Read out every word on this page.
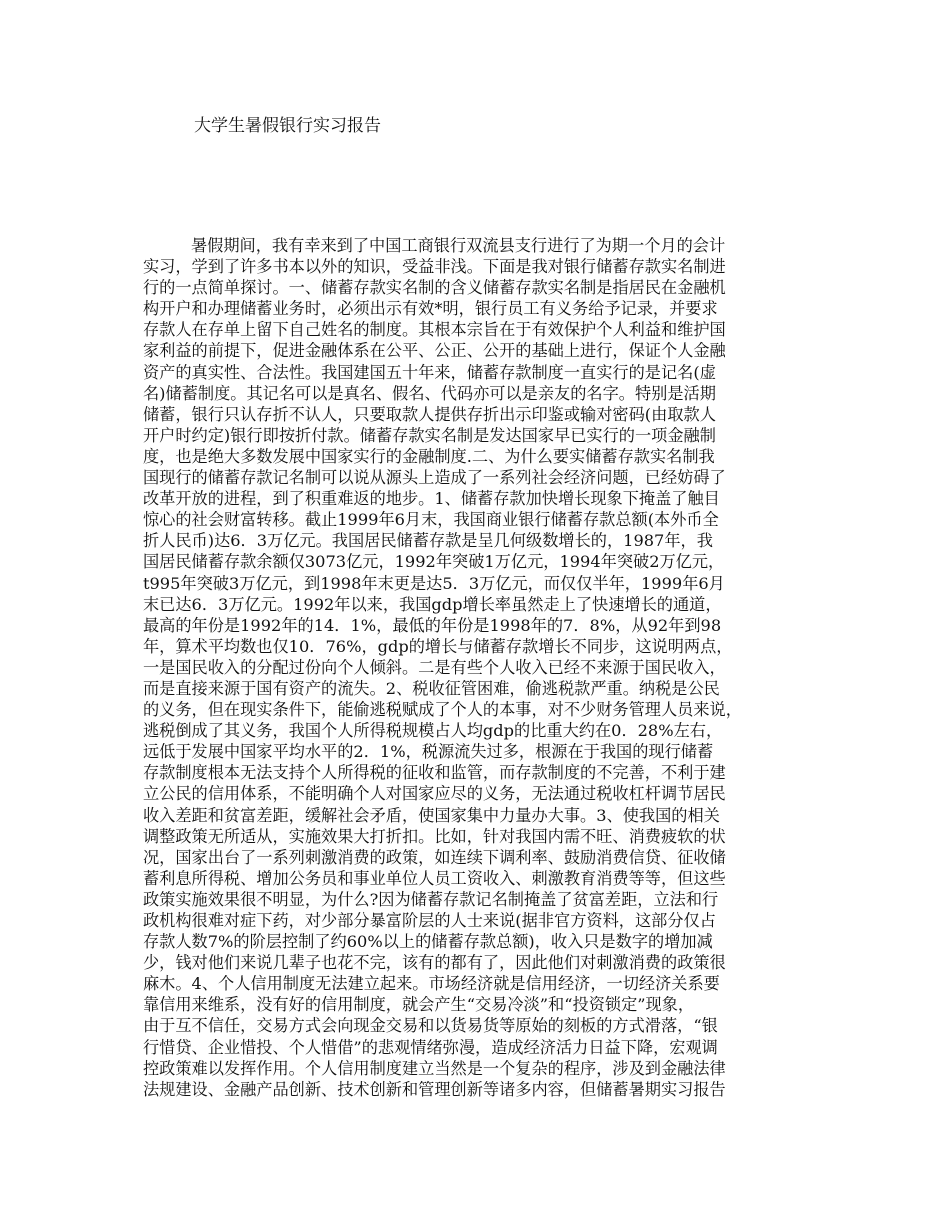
大学生暑假银行实习报告
暑假期间，我有幸来到了中国工商银行双流县支行进行了为期一个月的会计
实习，学到了许多书本以外的知识，受益非浅。下面是我对银行储蓄存款实名制进
行的一点简单探讨。一、储蓄存款实名制的含义储蓄存款实名制是指居民在金融机
构开户和办理储蓄业务时，必须出示有效*明，银行员工有义务给予记录，并要求
存款人在存单上留下自己姓名的制度。其根本宗旨在于有效保护个人利益和维护国
家利益的前提下，促进金融体系在公平、公正、公开的基础上进行，保证个人金融
资产的真实性、合法性。我国建国五十年来，储蓄存款制度一直实行的是记名(虚
名)储蓄制度。其记名可以是真名、假名、代码亦可以是亲友的名字。特别是活期
储蓄，银行只认存折不认人，只要取款人提供存折出示印鉴或输对密码(由取款人
开户时约定)银行即按折付款。储蓄存款实名制是发达国家早已实行的一项金融制
度，也是绝大多数发展中国家实行的金融制度.二、为什么要实储蓄存款实名制我
国现行的储蓄存款记名制可以说从源头上造成了一系列社会经济问题，已经妨碍了
改革开放的进程，到了积重难返的地步。1、储蓄存款加快增长现象下掩盖了触目
惊心的社会财富转移。截止1999年6月末，我国商业银行储蓄存款总额(本外币全
折人民币)达6．3万亿元。我国居民储蓄存款是呈几何级数增长的，1987年，我
国居民储蓄存款余额仅3073亿元，1992年突破1万亿元，1994年突破2万亿元，
t995年突破3万亿元，到1998年末更是达5．3万亿元，而仅仅半年，1999年6月
末已达6．3万亿元。1992年以来，我国gdp增长率虽然走上了快速增长的通道，
最高的年份是1992年的14．1%，最低的年份是1998年的7．8%，从92年到98
年，算术平均数也仅10．76%，gdp的增长与储蓄存款增长不同步，这说明两点，
一是国民收入的分配过份向个人倾斜。二是有些个人收入已经不来源于国民收入，
而是直接来源于国有资产的流失。2、税收征管困难，偷逃税款严重。纳税是公民
的义务，但在现实条件下，能偷逃税赋成了个人的本事，对不少财务管理人员来说，
逃税倒成了其义务，我国个人所得税规模占人均gdp的比重大约在0．28%左右，
远低于发展中国家平均水平的2．1%，税源流失过多，根源在于我国的现行储蓄
存款制度根本无法支持个人所得税的征收和监管，而存款制度的不完善，不利于建
立公民的信用体系，不能明确个人对国家应尽的义务，无法通过税收杠杆调节居民
收入差距和贫富差距，缓解社会矛盾，使国家集中力量办大事。3、使我国的相关
调整政策无所适从，实施效果大打折扣。比如，针对我国内需不旺、消费疲软的状
况，国家出台了一系列刺激消费的政策，如连续下调利率、鼓励消费信贷、征收储
蓄利息所得税、增加公务员和事业单位人员工资收入、刺激教育消费等等，但这些
政策实施效果很不明显，为什么?因为储蓄存款记名制掩盖了贫富差距，立法和行
政机构很难对症下药，对少部分暴富阶层的人士来说(据非官方资料，这部分仅占
存款人数7%的阶层控制了约60%以上的储蓄存款总额)，收入只是数字的增加减
少，钱对他们来说几辈子也花不完，该有的都有了，因此他们对刺激消费的政策很
麻木。4、个人信用制度无法建立起来。市场经济就是信用经济，一切经济关系要
靠信用来维系，没有好的信用制度，就会产生“交易冷淡”和“投资锁定”现象，
由于互不信任，交易方式会向现金交易和以货易货等原始的刻板的方式滑落，“银
行惜贷、企业惜投、个人惜借”的悲观情绪弥漫，造成经济活力日益下降，宏观调
控政策难以发挥作用。个人信用制度建立当然是一个复杂的程序，涉及到金融法律
法规建设、金融产品创新、技术创新和管理创新等诸多内容，但储蓄暑期实习报告
